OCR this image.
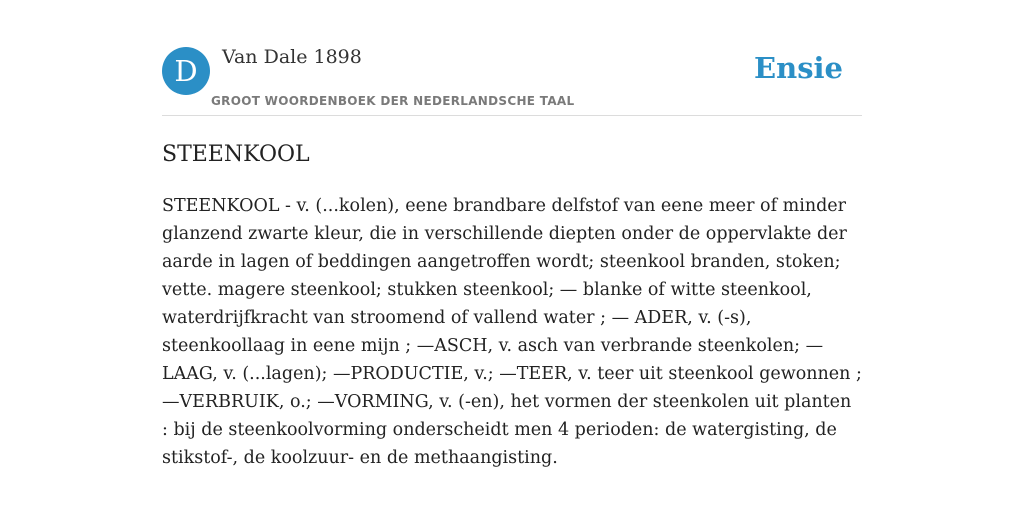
D	Van Dale 1898
GROOT WOORDENBOEK DER NEDERLANDSCHE TAAL
Ensie
STEENKOOL
STEENKOOL - v. (...kolen), eene brandbare delfstof van eene meer of minder glanzend zwarte kleur, die in verschillende diepten onder de oppervlakte der aarde in lagen of beddingen aangetroffen wordt; steenkool branden, stoken; vette. magere steenkool; stukken steenkool; — blanke of witte steenkool, waterdrijfkracht van stroomend of vallend water ; — ADER, v. (-s), steenkoollaag in eene mijn ; —ASCH, v. asch van verbrande steenkolen; —LAAG, v. (...lagen); —PRODUCTIE, v.; —TEER, v. teer uit steenkool gewonnen ; —VERBRUIK, o.; —VORMING, v. (-en), het vormen der steenkolen uit planten : bij de steenkoolvorming onderscheidt men 4 perioden: de watergisting, de stikstof-, de koolzuur- en de methaangisting.
